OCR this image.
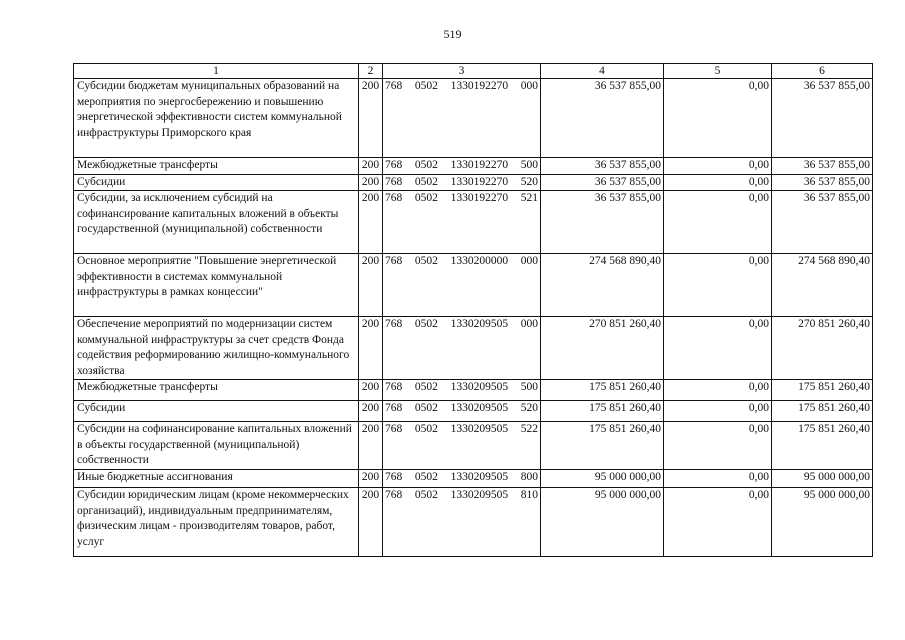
519
1	2	3	4	5	6
Субсидии бюджетам муниципальных образований на мероприятия по энергосбережению и повышению энергетической эффективности систем коммунальной инфраструктуры Приморского края	200	768 0502 1330192270 000	36 537 855,00	0,00	36 537 855,00
Межбюджетные трансферты	200	768 0502 1330192270 500	36 537 855,00	0,00	36 537 855,00
Субсидии	200	768 0502 1330192270 520	36 537 855,00	0,00	36 537 855,00
Субсидии, за исключением субсидий на софинансирование капитальных вложений в объекты государственной (муниципальной) собственности	200	768 0502 1330192270 521	36 537 855,00	0,00	36 537 855,00
Основное мероприятие "Повышение энергетической эффективности в системах коммунальной инфраструктуры в рамках концессии"	200	768 0502 1330200000 000	274 568 890,40	0,00	274 568 890,40
Обеспечение мероприятий по модернизации систем коммунальной инфраструктуры за счет средств Фонда содействия реформированию жилищно-коммунального хозяйства	200	768 0502 1330209505 000	270 851 260,40	0,00	270 851 260,40
Межбюджетные трансферты	200	768 0502 1330209505 500	175 851 260,40	0,00	175 851 260,40
Субсидии	200	768 0502 1330209505 520	175 851 260,40	0,00	175 851 260,40
Субсидии на софинансирование капитальных вложений в объекты государственной (муниципальной) собственности	200	768 0502 1330209505 522	175 851 260,40	0,00	175 851 260,40
Иные бюджетные ассигнования	200	768 0502 1330209505 800	95 000 000,00	0,00	95 000 000,00
Субсидии юридическим лицам (кроме некоммерческих организаций), индивидуальным предпринимателям, физическим лицам - производителям товаров, работ, услуг	200	768 0502 1330209505 810	95 000 000,00	0,00	95 000 000,00
